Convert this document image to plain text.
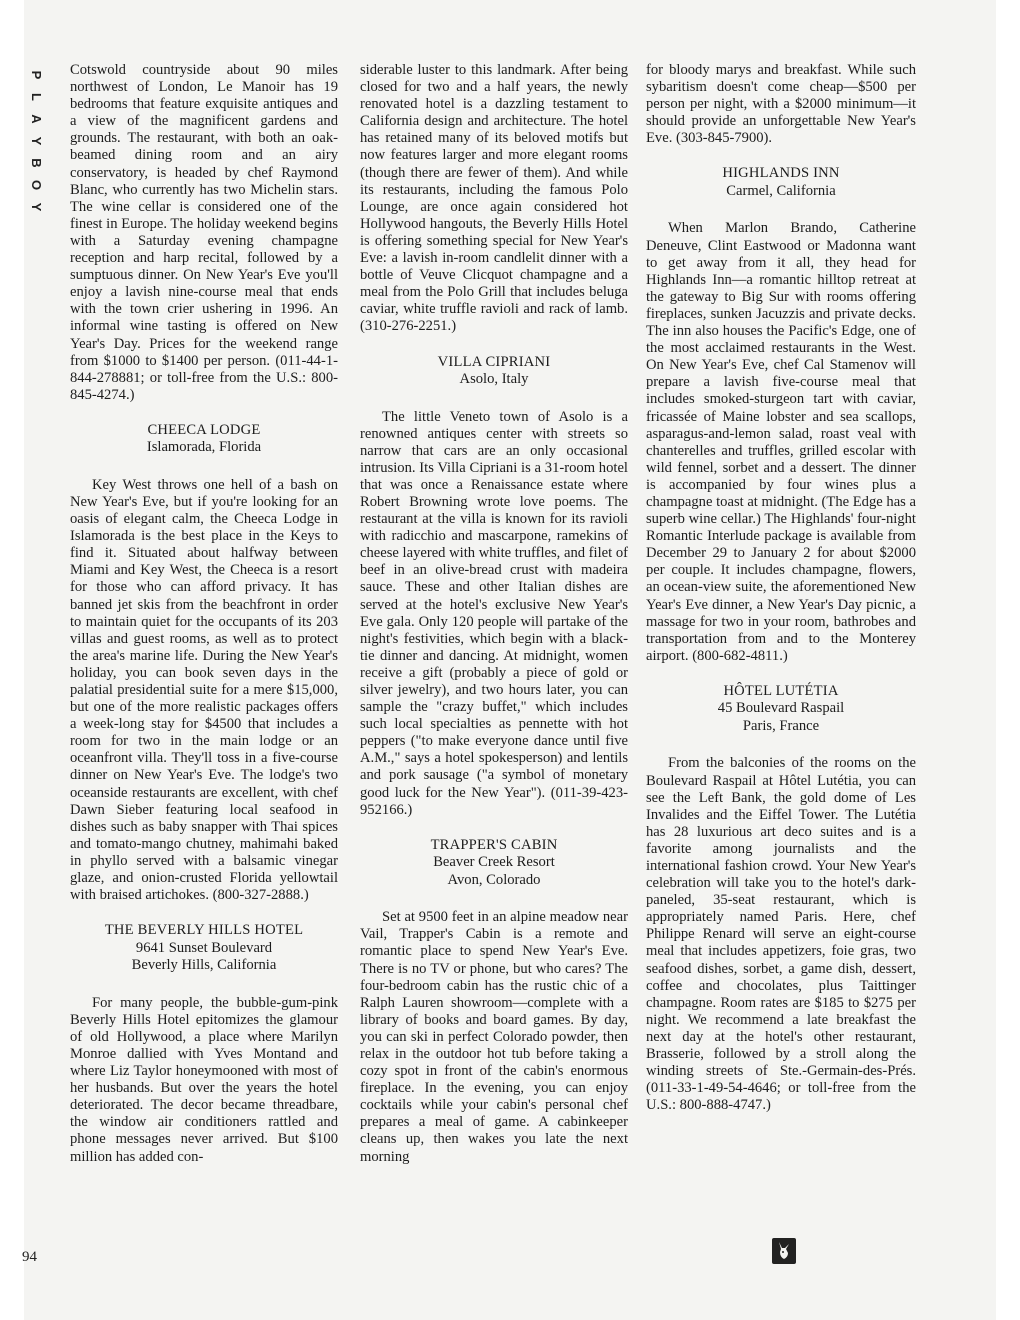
P
L
A
Y
B
O
Y

Cotswold countryside about 90 miles northwest of London, Le Manoir has 19 bedrooms that feature exquisite antiques and a view of the magnificent gardens and grounds. The restaurant, with both an oak-beamed dining room and an airy conservatory, is headed by chef Raymond Blanc, who currently has two Michelin stars. The wine cellar is considered one of the finest in Europe. The holiday weekend begins with a Saturday evening champagne reception and harp recital, followed by a sumptuous dinner. On New Year's Eve you'll enjoy a lavish nine-course meal that ends with the town crier ushering in 1996. An informal wine tasting is offered on New Year's Day. Prices for the weekend range from $1000 to $1400 per person. (011-44-1-844-278881; or toll-free from the U.S.: 800-845-4274.)

CHEECA LODGE
Islamorada, Florida

Key West throws one hell of a bash on New Year's Eve, but if you're looking for an oasis of elegant calm, the Cheeca Lodge in Islamorada is the best place in the Keys to find it. Situated about halfway between Miami and Key West, the Cheeca is a resort for those who can afford privacy. It has banned jet skis from the beachfront in order to maintain quiet for the occupants of its 203 villas and guest rooms, as well as to protect the area's marine life. During the New Year's holiday, you can book seven days in the palatial presidential suite for a mere $15,000, but one of the more realistic packages offers a week-long stay for $4500 that includes a room for two in the main lodge or an oceanfront villa. They'll toss in a five-course dinner on New Year's Eve. The lodge's two oceanside restaurants are excellent, with chef Dawn Sieber featuring local seafood in dishes such as baby snapper with Thai spices and tomato-mango chutney, mahimahi baked in phyllo served with a balsamic vinegar glaze, and onion-crusted Florida yellowtail with braised artichokes. (800-327-2888.)

THE BEVERLY HILLS HOTEL
9641 Sunset Boulevard
Beverly Hills, California

For many people, the bubble-gum-pink Beverly Hills Hotel epitomizes the glamour of old Hollywood, a place where Marilyn Monroe dallied with Yves Montand and where Liz Taylor honeymooned with most of her husbands. But over the years the hotel deteriorated. The decor became threadbare, the window air conditioners rattled and phone messages never arrived. But $100 million has added con-

siderable luster to this landmark. After being closed for two and a half years, the newly renovated hotel is a dazzling testament to California design and architecture. The hotel has retained many of its beloved motifs but now features larger and more elegant rooms (though there are fewer of them). And while its restaurants, including the famous Polo Lounge, are once again considered hot Hollywood hangouts, the Beverly Hills Hotel is offering something special for New Year's Eve: a lavish in-room candlelit dinner with a bottle of Veuve Clicquot champagne and a meal from the Polo Grill that includes beluga caviar, white truffle ravioli and rack of lamb. (310-276-2251.)

VILLA CIPRIANI
Asolo, Italy

The little Veneto town of Asolo is a renowned antiques center with streets so narrow that cars are an only occasional intrusion. Its Villa Cipriani is a 31-room hotel that was once a Renaissance estate where Robert Browning wrote love poems. The restaurant at the villa is known for its ravioli with radicchio and mascarpone, ramekins of cheese layered with white truffles, and filet of beef in an olive-bread crust with madeira sauce. These and other Italian dishes are served at the hotel's exclusive New Year's Eve gala. Only 120 people will partake of the night's festivities, which begin with a black-tie dinner and dancing. At midnight, women receive a gift (probably a piece of gold or silver jewelry), and two hours later, you can sample the "crazy buffet," which includes such local specialties as pennette with hot peppers ("to make everyone dance until five A.M.," says a hotel spokesperson) and lentils and pork sausage ("a symbol of monetary good luck for the New Year"). (011-39-423-952166.)

TRAPPER'S CABIN
Beaver Creek Resort
Avon, Colorado

Set at 9500 feet in an alpine meadow near Vail, Trapper's Cabin is a remote and romantic place to spend New Year's Eve. There is no TV or phone, but who cares? The four-bedroom cabin has the rustic chic of a Ralph Lauren showroom—complete with a library of books and board games. By day, you can ski in perfect Colorado powder, then relax in the outdoor hot tub before taking a cozy spot in front of the cabin's enormous fireplace. In the evening, you can enjoy cocktails while your cabin's personal chef prepares a meal of game. A cabinkeeper cleans up, then wakes you late the next morning

for bloody marys and breakfast. While such sybaritism doesn't come cheap—$500 per person per night, with a $2000 minimum—it should provide an unforgettable New Year's Eve. (303-845-7900).

HIGHLANDS INN
Carmel, California

When Marlon Brando, Catherine Deneuve, Clint Eastwood or Madonna want to get away from it all, they head for Highlands Inn—a romantic hilltop retreat at the gateway to Big Sur with rooms offering fireplaces, sunken Jacuzzis and private decks. The inn also houses the Pacific's Edge, one of the most acclaimed restaurants in the West. On New Year's Eve, chef Cal Stamenov will prepare a lavish five-course meal that includes smoked-sturgeon tart with caviar, fricassée of Maine lobster and sea scallops, asparagus-and-lemon salad, roast veal with chanterelles and truffles, grilled escolar with wild fennel, sorbet and a dessert. The dinner is accompanied by four wines plus a champagne toast at midnight. (The Edge has a superb wine cellar.) The Highlands' four-night Romantic Interlude package is available from December 29 to January 2 for about $2000 per couple. It includes champagne, flowers, an ocean-view suite, the aforementioned New Year's Eve dinner, a New Year's Day picnic, a massage for two in your room, bathrobes and transportation from and to the Monterey airport. (800-682-4811.)

HÔTEL LUTÉTIA
45 Boulevard Raspail
Paris, France

From the balconies of the rooms on the Boulevard Raspail at Hôtel Lutétia, you can see the Left Bank, the gold dome of Les Invalides and the Eiffel Tower. The Lutétia has 28 luxurious art deco suites and is a favorite among journalists and the international fashion crowd. Your New Year's celebration will take you to the hotel's dark-paneled, 35-seat restaurant, which is appropriately named Paris. Here, chef Philippe Renard will serve an eight-course meal that includes appetizers, foie gras, two seafood dishes, sorbet, a game dish, dessert, coffee and chocolates, plus Taittinger champagne. Room rates are $185 to $275 per night. We recommend a late breakfast the next day at the hotel's other restaurant, Brasserie, followed by a stroll along the winding streets of Ste.-Germain-des-Prés. (011-33-1-49-54-4646; or toll-free from the U.S.: 800-888-4747.)

94
